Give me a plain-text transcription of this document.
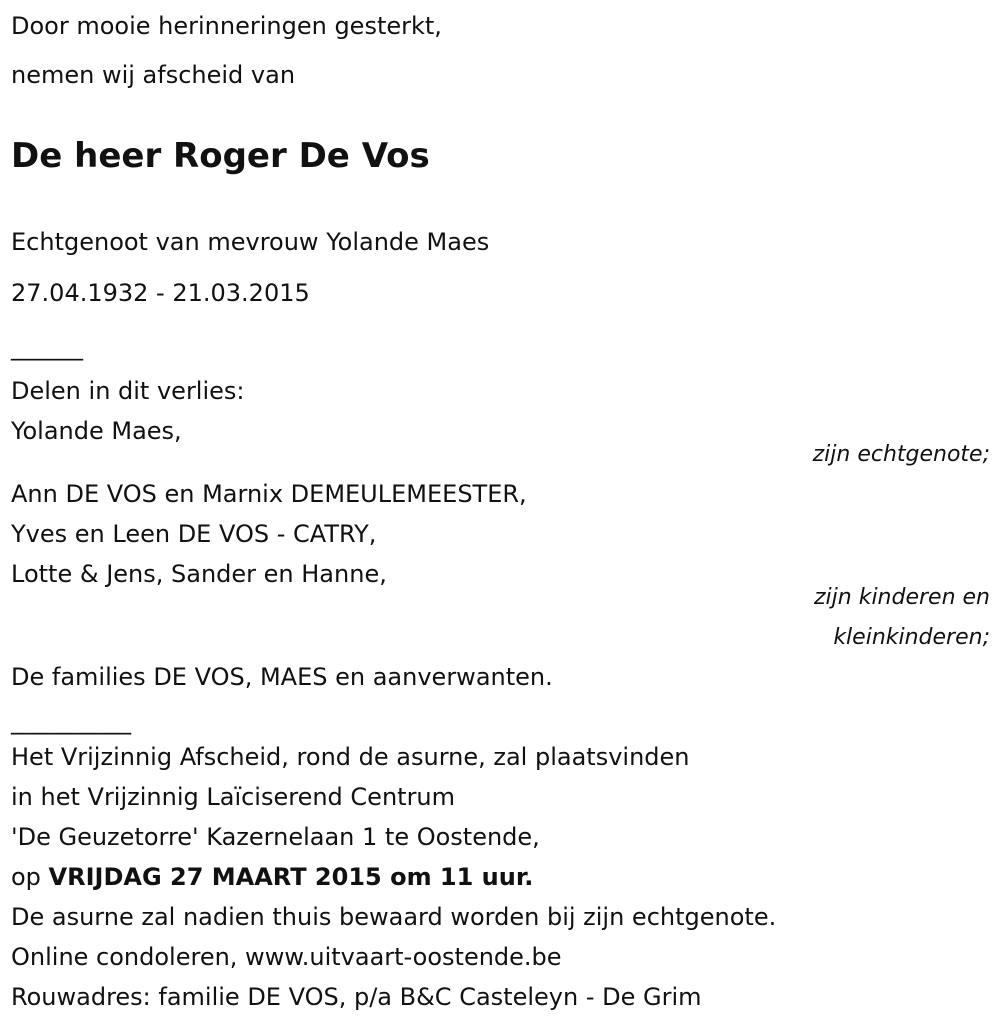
Door mooie herinneringen gesterkt,
nemen wij afscheid van
De heer Roger De Vos
Echtgenoot van mevrouw Yolande Maes
27.04.1932 - 21.03.2015
______
Delen in dit verlies:
Yolande Maes,
zijn echtgenote;
Ann DE VOS en Marnix DEMEULEMEESTER,
Yves en Leen DE VOS - CATRY,
Lotte & Jens, Sander en Hanne,
zijn kinderen en
kleinkinderen;
De families DE VOS, MAES en aanverwanten.
__________
Het Vrijzinnig Afscheid, rond de asurne, zal plaatsvinden
in het Vrijzinnig Laïciserend Centrum
'De Geuzetorre' Kazernelaan 1 te Oostende,
op VRIJDAG 27 MAART 2015 om 11 uur.
De asurne zal nadien thuis bewaard worden bij zijn echtgenote.
Online condoleren, www.uitvaart-oostende.be
Rouwadres: familie DE VOS, p/a B&C Casteleyn - De Grim
